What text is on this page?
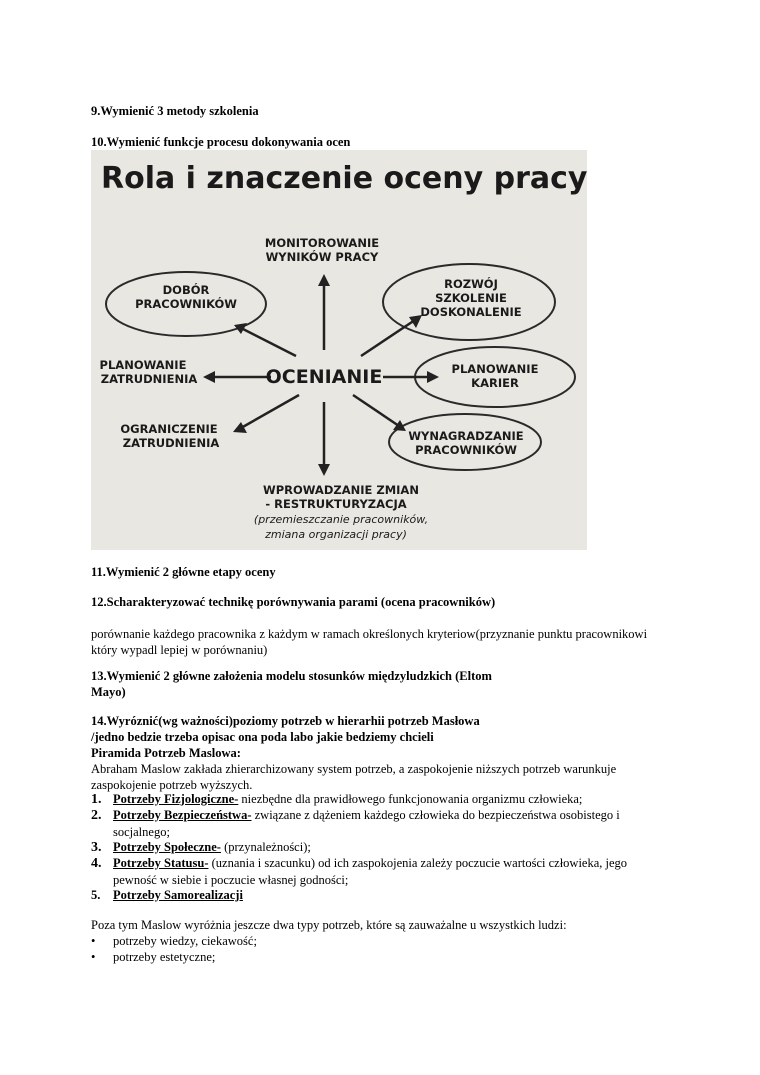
9.Wymienić 3 metody szkolenia
10.Wymienić funkcje procesu dokonywania ocen
Rola i znaczenie oceny pracy
OCENIANIE
MONITOROWANIE
WYNIKÓW PRACY
DOBÓR
PRACOWNIKÓW
ROZWÓJ
SZKOLENIE
DOSKONALENIE
PLANOWANIE
ZATRUDNIENIA
PLANOWANIE
KARIER
OGRANICZENIE
ZATRUDNIENIA	WYNAGRADZANIE
PRACOWNIKÓW
WPROWADZANIE ZMIAN
- RESTRUKTURYZACJA
(przemieszczanie pracowników,
zmiana organizacji pracy)
11.Wymienić 2 główne etapy oceny
12.Scharakteryzować technikę porównywania parami (ocena pracowników)
porównanie każdego pracownika z każdym w ramach określonych kryteriow(przyznanie punktu pracownikowi
który wypadl lepiej w porównaniu)
13.Wymienić 2 główne założenia modelu stosunków międzyludzkich (Eltom
Mayo)
14.Wyróznić(wg ważności)poziomy potrzeb w hierarhii potrzeb Masłowa
/jedno bedzie trzeba opisac ona poda labo jakie bedziemy chcieli
Piramida Potrzeb Maslowa:
Abraham Maslow zakłada zhierarchizowany system potrzeb, a zaspokojenie niższych potrzeb warunkuje
zaspokojenie potrzeb wyższych.
1. Potrzeby Fizjologiczne- niezbędne dla prawidłowego funkcjonowania organizmu człowieka;
2. Potrzeby Bezpieczeństwa- związane z dążeniem każdego człowieka do bezpieczeństwa osobistego i
socjalnego;
3. Potrzeby Społeczne- (przynależności);
4. Potrzeby Statusu- (uznania i szacunku) od ich zaspokojenia zależy poczucie wartości człowieka, jego
pewność w siebie i poczucie własnej godności;
5. Potrzeby Samorealizacji
Poza tym Maslow wyróżnia jeszcze dwa typy potrzeb, które są zauważalne u wszystkich ludzi:
• potrzeby wiedzy, ciekawość;
• potrzeby estetyczne;
